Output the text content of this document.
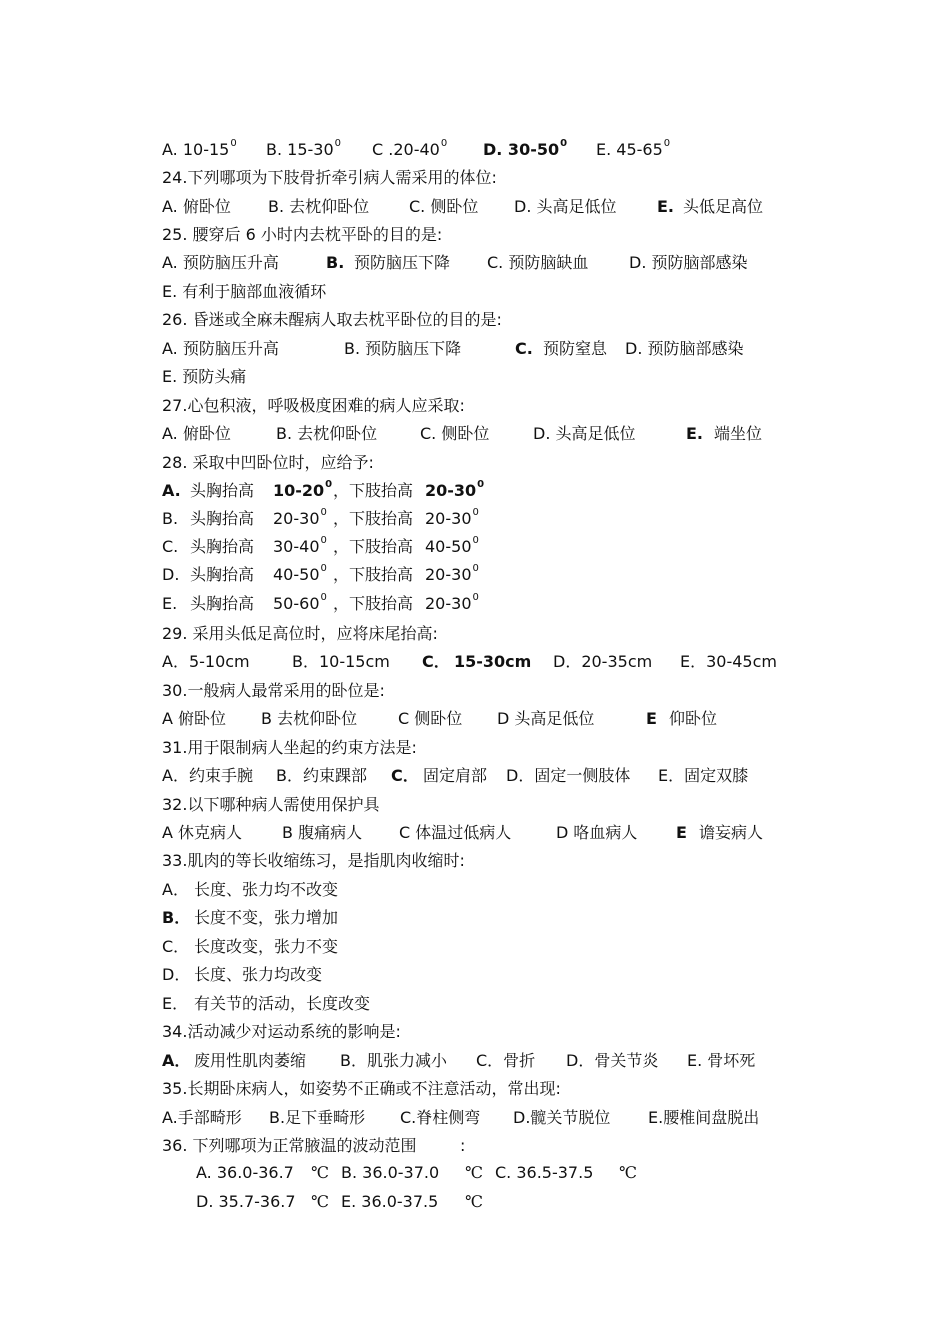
A. $10-15^0$ B. $15-30^0$ C $.20-40^0$ D. $30-50^0$ E. $45-65^0$
24.下列哪项为下肢骨折牵引病人需采用的体位:
A. 俯卧位 B. 去枕仰卧位 C. 侧卧位 D. 头高足低位	E. 头低足高位
25. 腰穿后 6 小时内去枕平卧的目的是:
A. 预防脑压升高	B. 预防脑压下降 C. 预防脑缺血	D. 预防脑部感染
E. 有利于脑部血液循环
26. 昏迷或全麻未醒病人取去枕平卧位的目的是:
A. 预防脑压升高	B. 预防脑压下降	C. 预防窒息 D. 预防脑部感染
E. 预防头痛
27.心包积液，呼吸极度困难的病人应采取:
A. 俯卧位	B. 去枕仰卧位	C. 侧卧位	D. 头高足低位	E. 端坐位
28. 采取中凹卧位时，应给予:
A. 头胸抬高 $10-20^0$ ，下肢抬高 $20-30^0$
B. 头胸抬高 $20-30^0$ ，下肢抬高 $20-30^0$
C. 头胸抬高 $30-40^0$ ，下肢抬高 $40-50^0$
D. 头胸抬高 $40-50^0$ ，下肢抬高 $20-30^0$
E. 头胸抬高 $50-60^0$ ，下肢抬高 $20-30^0$
29. 采用头低足高位时，应将床尾抬高:
A．5-10cm	B．10-15cm C． 15-30cm D．20-35cm E．30-45cm
30.一般病人最常采用的卧位是:
A 俯卧位 B 去枕仰卧位	C 侧卧位 D 头高足低位	E 仰卧位
31.用于限制病人坐起的约束方法是:
A．约束手腕 B．约束踝部 C． 固定肩部 D．固定一侧肢体 E．固定双膝
32.以下哪种病人需使用保护具
A 休克病人 B 腹痛病人 C 体温过低病人	D 咯血病人 E 谵妄病人
33.肌肉的等长收缩练习，是指肌肉收缩时:
A． 长度、张力均不改变
B． 长度不变，张力增加
C． 长度改变，张力不变
D． 长度、张力均改变
E． 有关节的活动，长度改变
34.活动减少对运动系统的影响是:
A． 废用性肌肉萎缩 B．肌张力减小 C．骨折 D．骨关节炎 E. 骨坏死
35.长期卧床病人，如姿势不正确或不注意活动，常出现:
A.手部畸形 B.足下垂畸形 C.脊柱侧弯 D.髋关节脱位 E.腰椎间盘脱出
36. 下列哪项为正常腋温的波动范围	:
A. 36.0-36.7 ℃ B. 36.0-37.0 ℃ C. 36.5-37.5 ℃
D. 35.7-36.7 ℃ E. 36.0-37.5 ℃
